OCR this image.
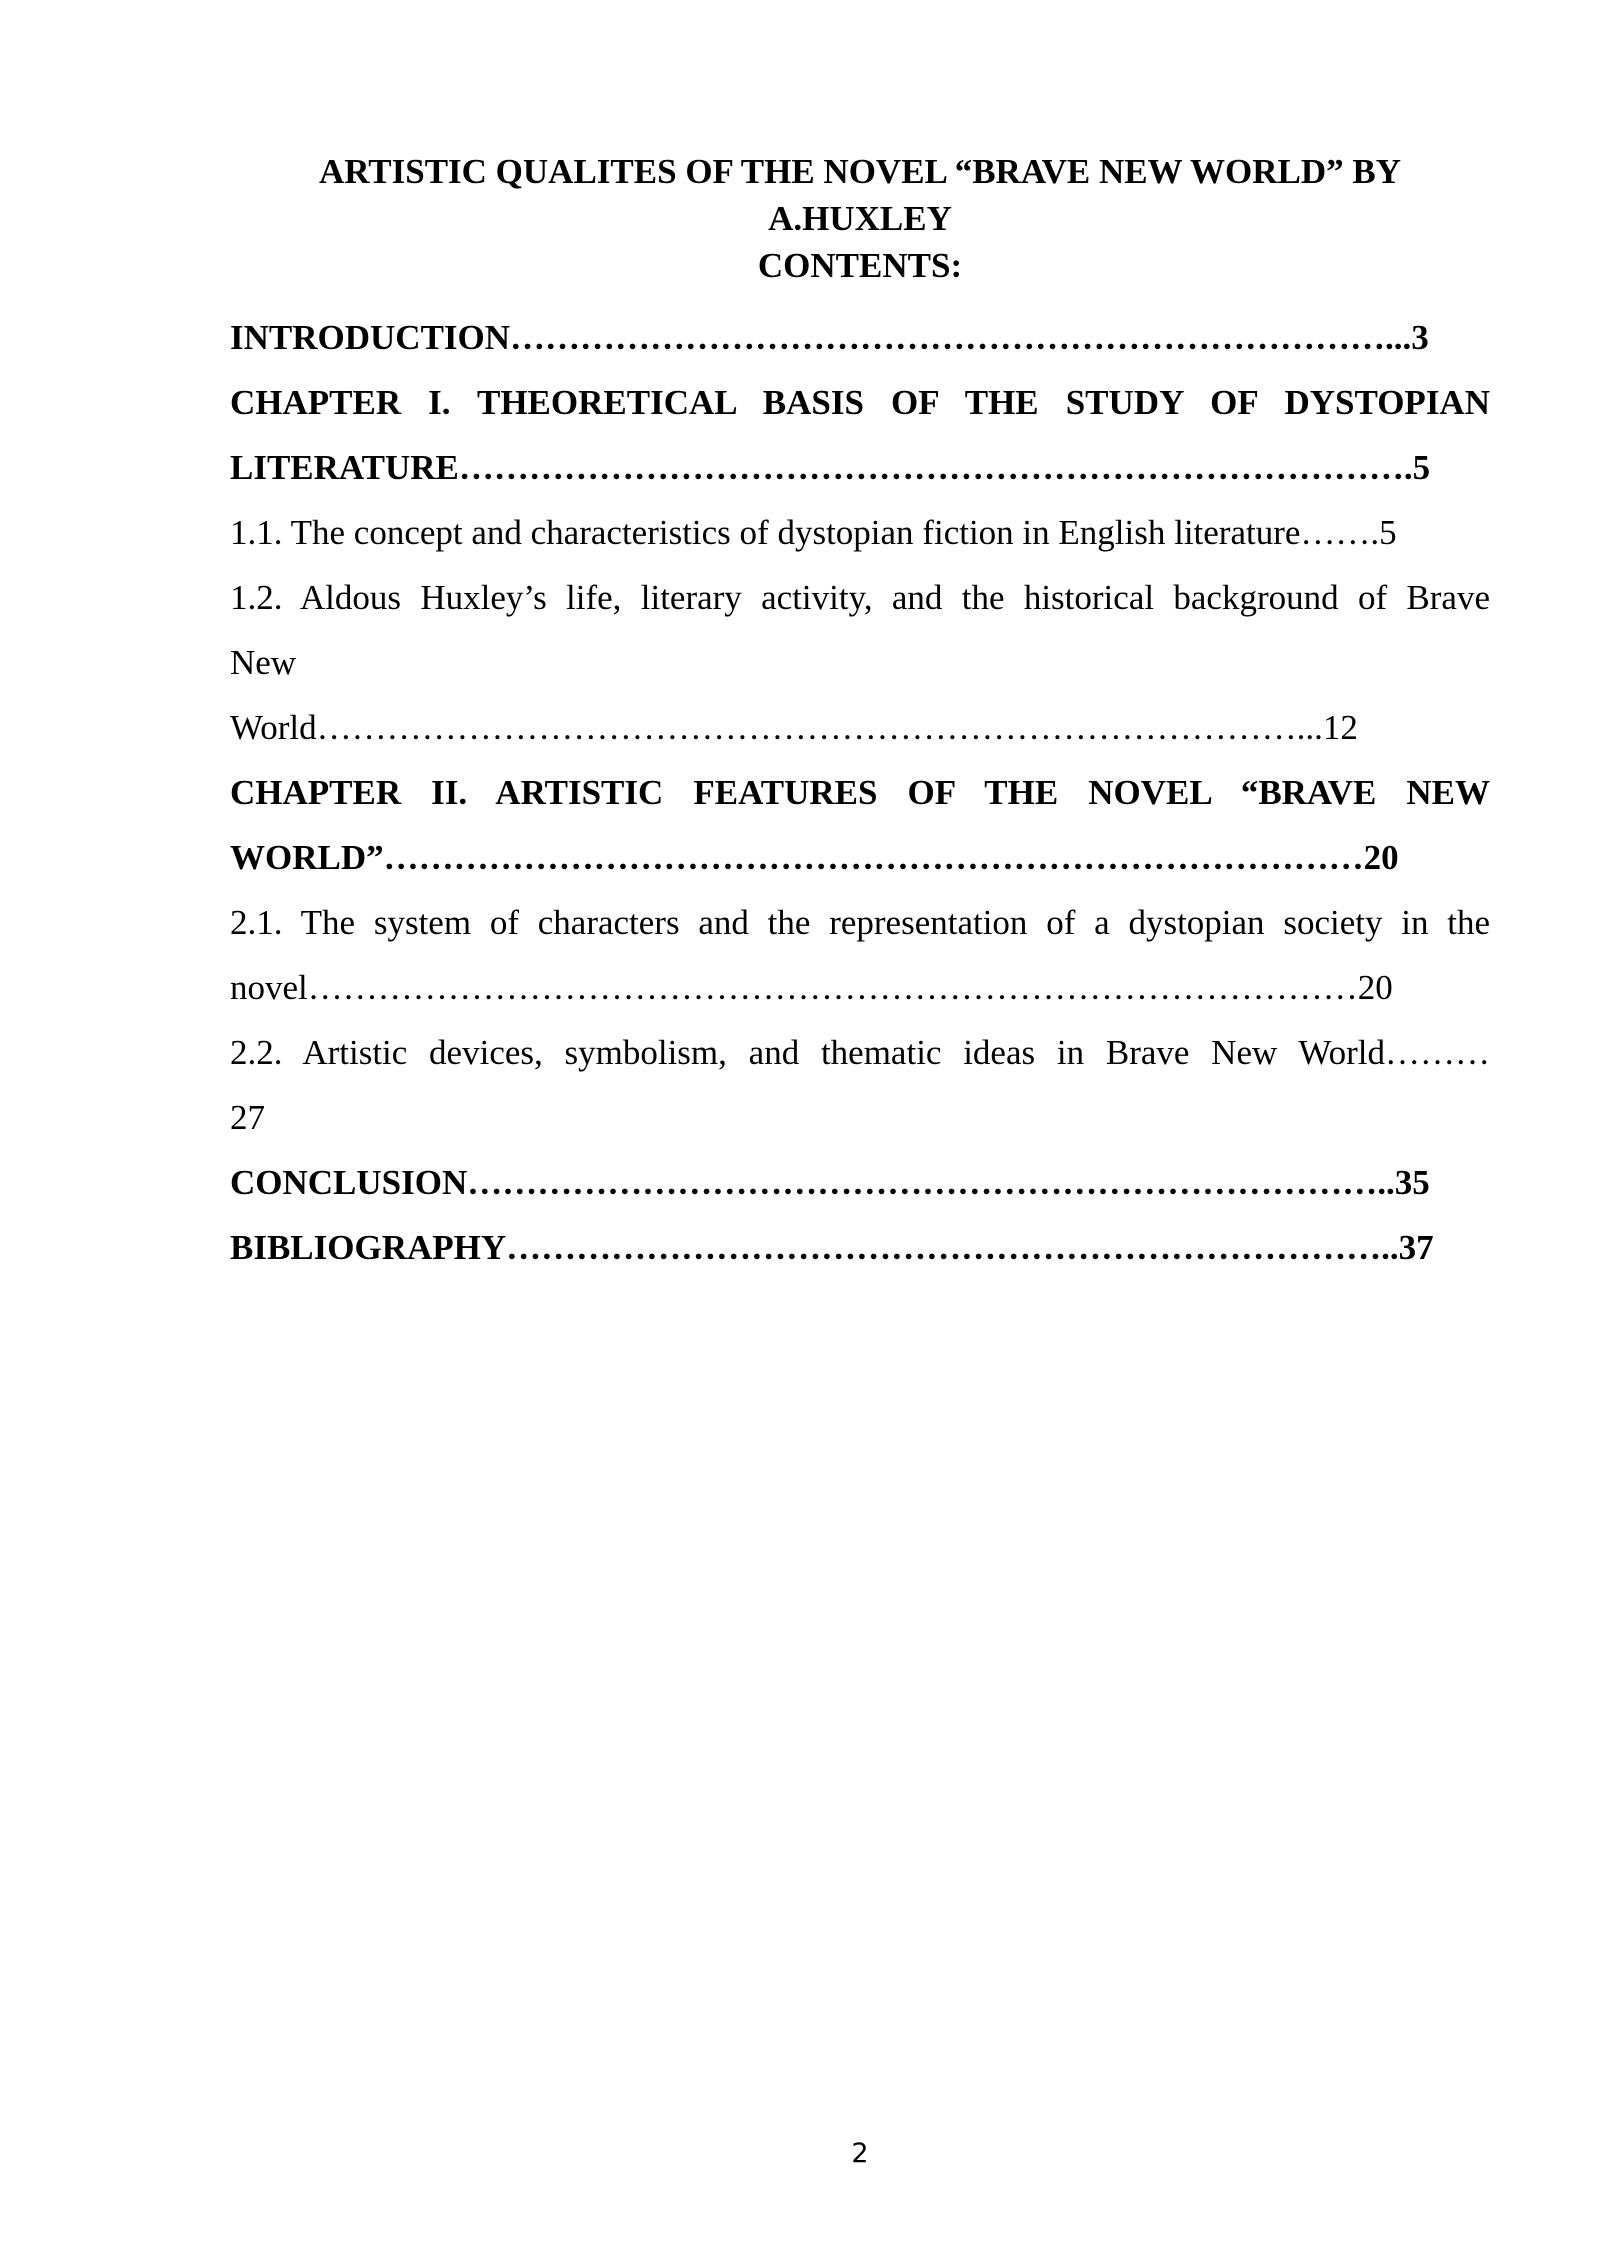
ARTISTIC QUALITES OF THE NOVEL “BRAVE NEW WORLD” BY
A.HUXLEY
CONTENTS:
INTRODUCTION…………………………………………………………………...3
CHAPTER I. THEORETICAL BASIS OF THE STUDY OF DYSTOPIAN
LITERATURE……………………………………………………………………….5
1.1. The concept and characteristics of dystopian fiction in English literature…….5
1.2. Aldous Huxley’s life, literary activity, and the historical background of Brave
New
World…………………………………………………………………………...12
CHAPTER II. ARTISTIC FEATURES OF THE NOVEL “BRAVE NEW
WORLD”…………………………………………………………………………20
2.1. The system of characters and the representation of a dystopian society in the
novel………………………………………………………………………………20
2.2. Artistic devices, symbolism, and thematic ideas in Brave New World………
27
CONCLUSION……………………………………………………………………..35
BIBLIOGRAPHY…………………………………………………………………..37
2
